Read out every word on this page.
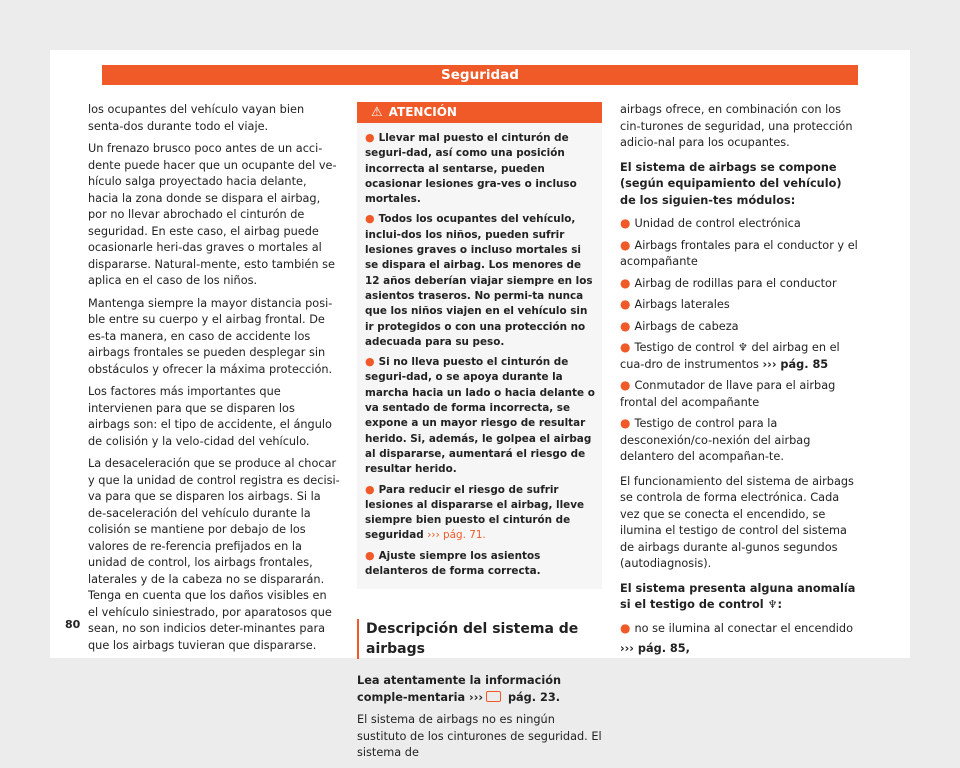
Seguridad

los ocupantes del vehículo vayan bien senta-dos durante todo el viaje.

Un frenazo brusco poco antes de un acci-dente puede hacer que un ocupante del ve-hículo salga proyectado hacia delante, hacia la zona donde se dispara el airbag, por no llevar abrochado el cinturón de seguridad. En este caso, el airbag puede ocasionarle heri-das graves o mortales al dispararse. Natural-mente, esto también se aplica en el caso de los niños.

Mantenga siempre la mayor distancia posi-ble entre su cuerpo y el airbag frontal. De es-ta manera, en caso de accidente los airbags frontales se pueden desplegar sin obstáculos y ofrecer la máxima protección.

Los factores más importantes que intervienen para que se disparen los airbags son: el tipo de accidente, el ángulo de colisión y la velo-cidad del vehículo.

La desaceleración que se produce al chocar y que la unidad de control registra es decisi-va para que se disparen los airbags. Si la de-saceleración del vehículo durante la colisión se mantiene por debajo de los valores de re-ferencia prefijados en la unidad de control, los airbags frontales, laterales y de la cabeza no se dispararán. Tenga en cuenta que los daños visibles en el vehículo siniestrado, por aparatosos que sean, no son indicios deter-minantes para que los airbags tuvieran que dispararse.

⚠ ATENCIÓN
● Llevar mal puesto el cinturón de seguri-dad, así como una posición incorrecta al sentarse, pueden ocasionar lesiones gra-ves o incluso mortales.
● Todos los ocupantes del vehículo, inclui-dos los niños, pueden sufrir lesiones graves o incluso mortales si se dispara el airbag. Los menores de 12 años deberían viajar siempre en los asientos traseros. No permi-ta nunca que los niños viajen en el vehículo sin ir protegidos o con una protección no adecuada para su peso.
● Si no lleva puesto el cinturón de seguri-dad, o se apoya durante la marcha hacia un lado o hacia delante o va sentado de forma incorrecta, se expone a un mayor riesgo de resultar herido. Si, además, le golpea el airbag al dispararse, aumentará el riesgo de resultar herido.
● Para reducir el riesgo de sufrir lesiones al dispararse el airbag, lleve siempre bien puesto el cinturón de seguridad ››› pág. 71.
● Ajuste siempre los asientos delanteros de forma correcta.
Descripción del sistema de airbags

Lea atentamente la información comple-mentaria ››› pág. 23.

El sistema de airbags no es ningún sustituto de los cinturones de seguridad. El sistema de

airbags ofrece, en combinación con los cin-turones de seguridad, una protección adicio-nal para los ocupantes.

El sistema de airbags se compone (según equipamiento del vehículo) de los siguien-tes módulos:

● Unidad de control electrónica
● Airbags frontales para el conductor y el acompañante
● Airbag de rodillas para el conductor
● Airbags laterales
● Airbags de cabeza
● Testigo de control ♆ del airbag en el cua-dro de instrumentos ››› pág. 85
● Conmutador de llave para el airbag frontal del acompañante
● Testigo de control para la desconexión/co-nexión del airbag delantero del acompañan-te.

El funcionamiento del sistema de airbags se controla de forma electrónica. Cada vez que se conecta el encendido, se ilumina el testigo de control del sistema de airbags durante al-gunos segundos (autodiagnosis).

El sistema presenta alguna anomalía si el testigo de control ♆:

● no se ilumina al conectar el encendido
››› pág. 85,
80
